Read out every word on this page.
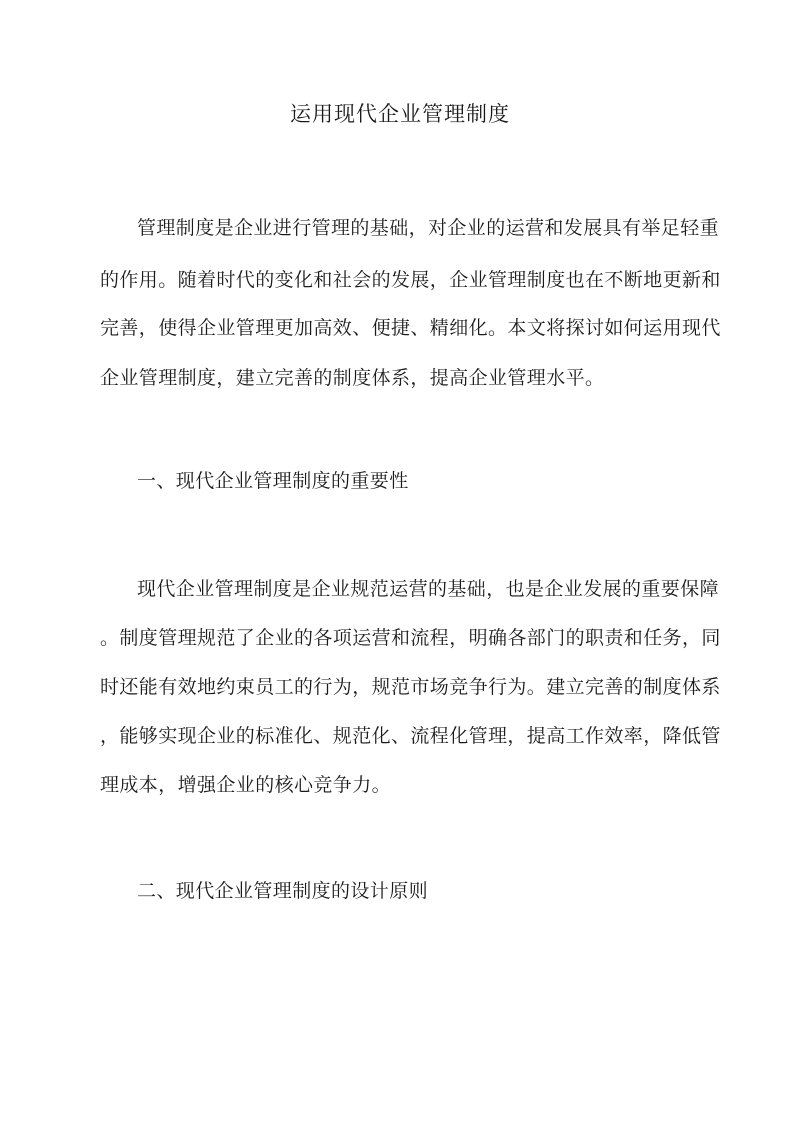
运用现代企业管理制度

管理制度是企业进行管理的基础，对企业的运营和发展具有举足轻重

的作用。随着时代的变化和社会的发展，企业管理制度也在不断地更新和

完善，使得企业管理更加高效、便捷、精细化。本文将探讨如何运用现代

企业管理制度，建立完善的制度体系，提高企业管理水平。

一、现代企业管理制度的重要性

现代企业管理制度是企业规范运营的基础，也是企业发展的重要保障

。制度管理规范了企业的各项运营和流程，明确各部门的职责和任务，同

时还能有效地约束员工的行为，规范市场竞争行为。建立完善的制度体系

，能够实现企业的标准化、规范化、流程化管理，提高工作效率，降低管

理成本，增强企业的核心竞争力。

二、现代企业管理制度的设计原则
